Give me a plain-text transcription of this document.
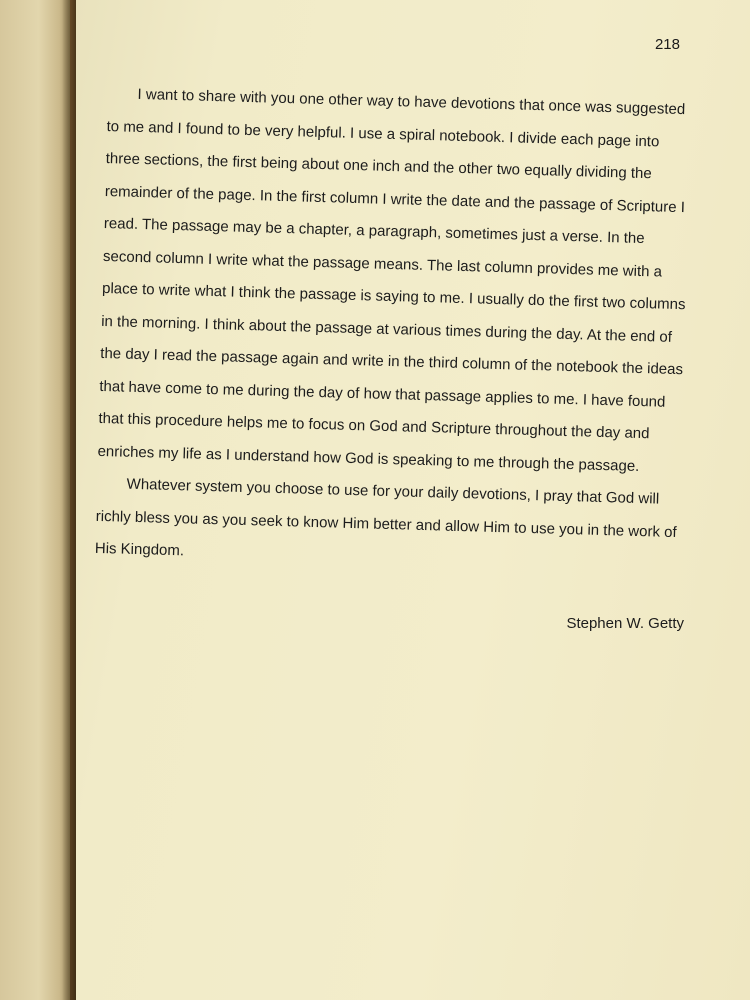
218

I want to share with you one other way to have devotions that once was suggested to me and I found to be very helpful. I use a spiral notebook. I divide each page into three sections, the first being about one inch and the other two equally dividing the remainder of the page. In the first column I write the date and the passage of Scripture I read. The passage may be a chapter, a paragraph, sometimes just a verse. In the second column I write what the passage means. The last column provides me with a place to write what I think the passage is saying to me. I usually do the first two columns in the morning. I think about the passage at various times during the day. At the end of the day I read the passage again and write in the third column of the notebook the ideas that have come to me during the day of how that passage applies to me. I have found that this procedure helps me to focus on God and Scripture throughout the day and enriches my life as I understand how God is speaking to me through the passage.

Whatever system you choose to use for your daily devotions, I pray that God will richly bless you as you seek to know Him better and allow Him to use you in the work of His Kingdom.

Stephen W. Getty
